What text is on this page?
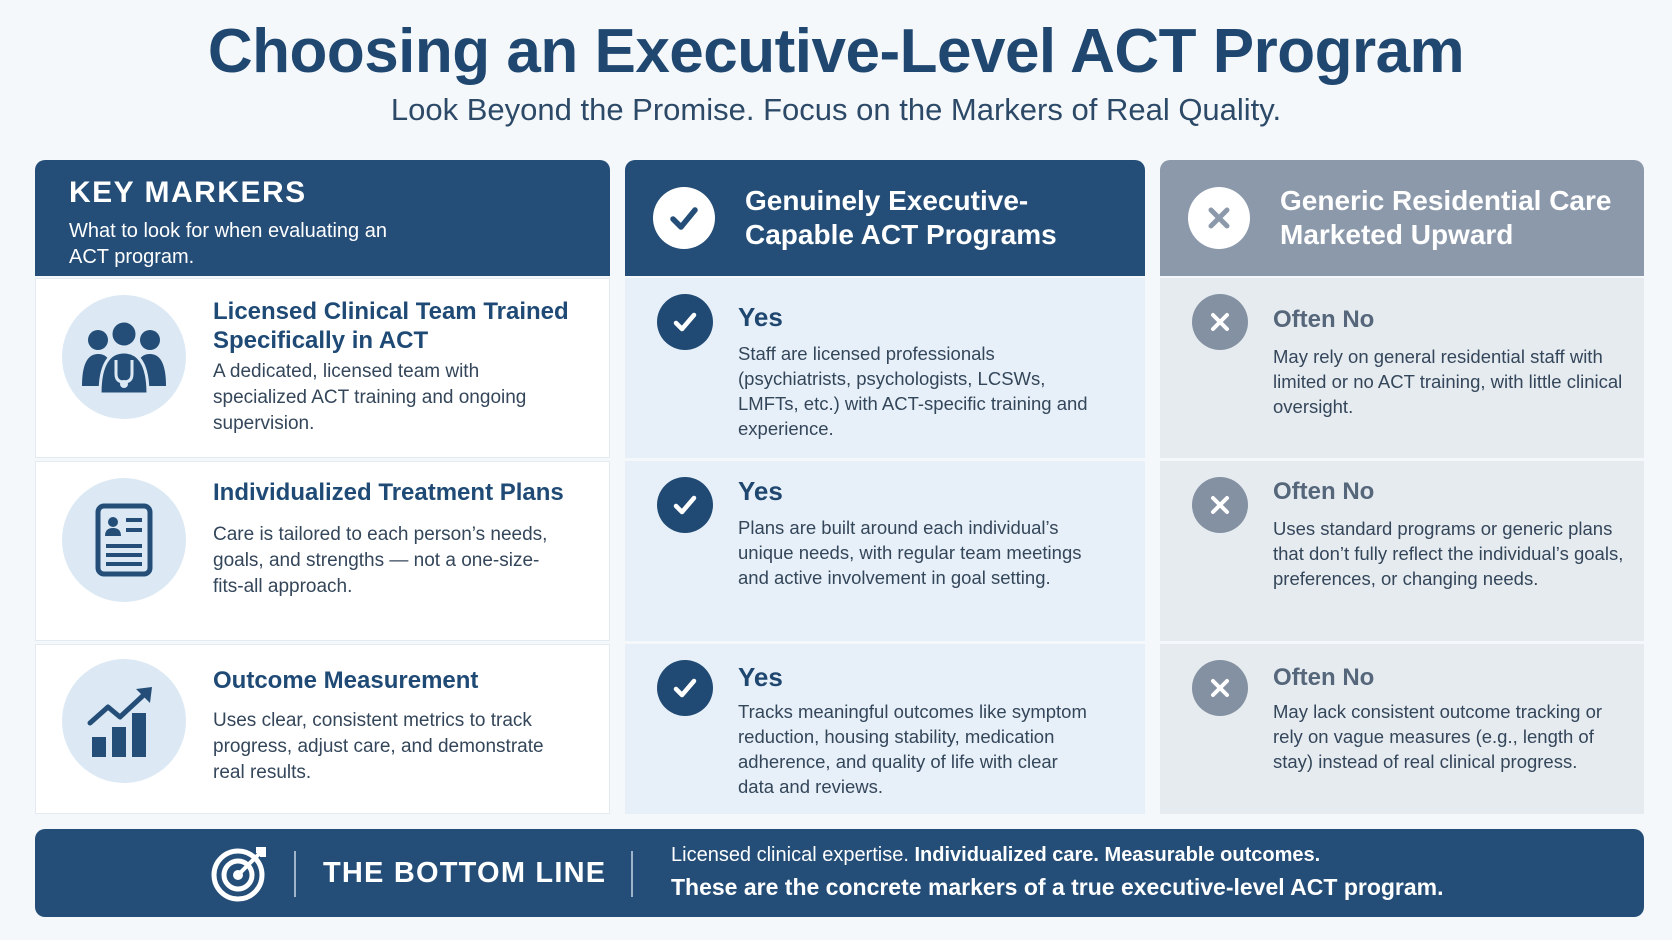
Choosing an Executive-Level ACT Program
Look Beyond the Promise. Focus on the Markers of Real Quality.
KEY MARKERS
What to look for when evaluating an ACT program.
Genuinely Executive-Capable ACT Programs
Generic Residential Care Marketed Upward
Licensed Clinical Team Trained Specifically in ACT
A dedicated, licensed team with specialized ACT training and ongoing supervision.
Yes
Staff are licensed professionals (psychiatrists, psychologists, LCSWs, LMFTs, etc.) with ACT-specific training and experience.
Often No
May rely on general residential staff with limited or no ACT training, with little clinical oversight.
Individualized Treatment Plans
Care is tailored to each person’s needs, goals, and strengths — not a one-size-fits-all approach.
Yes
Plans are built around each individual’s unique needs, with regular team meetings and active involvement in goal setting.
Often No
Uses standard programs or generic plans that don’t fully reflect the individual’s goals, preferences, or changing needs.
Outcome Measurement
Uses clear, consistent metrics to track progress, adjust care, and demonstrate real results.
Yes
Tracks meaningful outcomes like symptom reduction, housing stability, medication adherence, and quality of life with clear data and reviews.
Often No
May lack consistent outcome tracking or rely on vague measures (e.g., length of stay) instead of real clinical progress.
THE BOTTOM LINE
Licensed clinical expertise. Individualized care. Measurable outcomes.
These are the concrete markers of a true executive-level ACT program.
